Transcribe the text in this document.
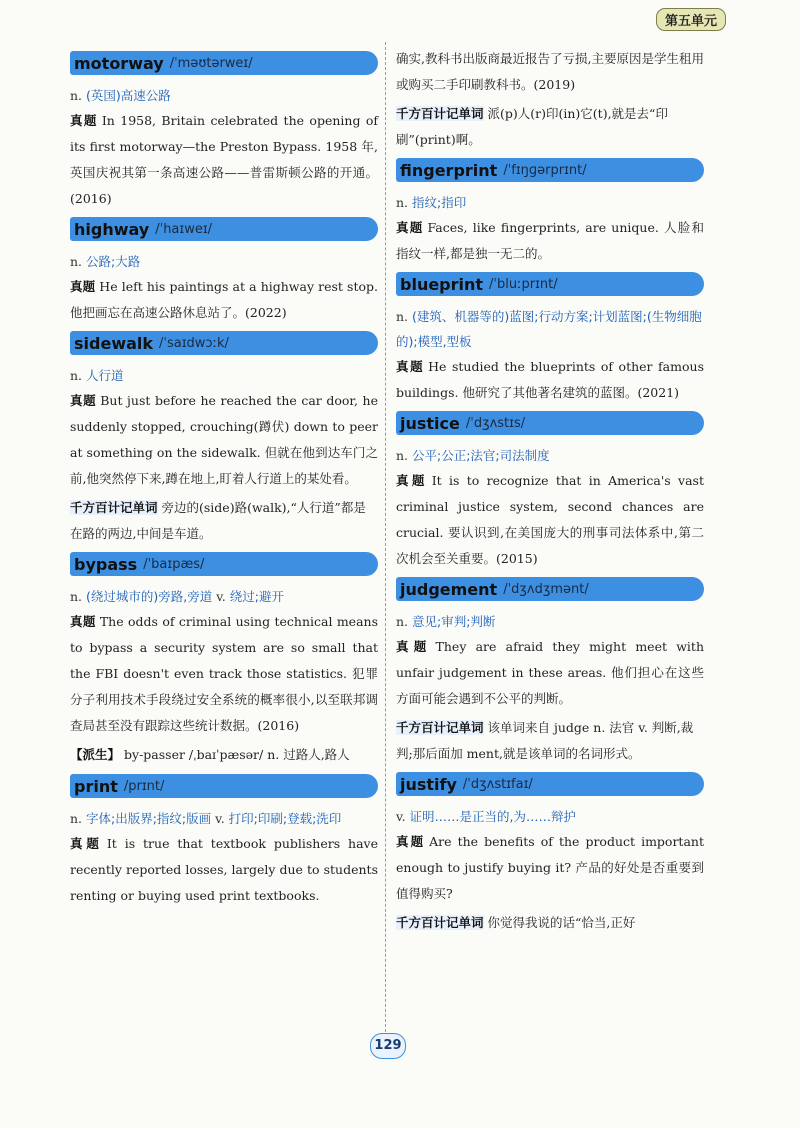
第五单元
motorway /ˈməʊtərweɪ/

n. (英国)高速公路

真题 In 1958, Britain celebrated the opening of its first motorway—the Preston Bypass. 1958 年,英国庆祝其第一条高速公路——普雷斯顿公路的开通。(2016)

highway /ˈhaɪweɪ/

n. 公路;大路

真题 He left his paintings at a highway rest stop. 他把画忘在高速公路休息站了。(2022)

sidewalk /ˈsaɪdwɔːk/

n. 人行道

真题 But just before he reached the car door, he suddenly stopped, crouching(蹲伏) down to peer at something on the sidewalk. 但就在他到达车门之前,他突然停下来,蹲在地上,盯着人行道上的某处看。

千方百计记单词 旁边的(side)路(walk),“人行道”都是在路的两边,中间是车道。

bypass /ˈbaɪpæs/

n. (绕过城市的)旁路,旁道 v. 绕过;避开

真题 The odds of criminal using technical means to bypass a security system are so small that the FBI doesn't even track those statistics. 犯罪分子利用技术手段绕过安全系统的概率很小,以至联邦调查局甚至没有跟踪这些统计数据。(2016)

【派生】 by-passer /ˌbaɪˈpæsər/ n. 过路人,路人

print /prɪnt/

n. 字体;出版界;指纹;版画 v. 打印;印刷;登载;洗印

真题 It is true that textbook publishers have recently reported losses, largely due to students renting or buying used print textbooks.

确实,教科书出版商最近报告了亏损,主要原因是学生租用或购买二手印刷教科书。(2019)

千方百计记单词 派(p)人(r)印(in)它(t),就是去“印刷”(print)啊。

fingerprint /ˈfɪŋɡərprɪnt/

n. 指纹;指印

真题 Faces, like fingerprints, are unique. 人脸和指纹一样,都是独一无二的。

blueprint /ˈbluːprɪnt/

n. (建筑、机器等的)蓝图;行动方案;计划蓝图;(生物细胞的);模型,型板

真题 He studied the blueprints of other famous buildings. 他研究了其他著名建筑的蓝图。(2021)

justice /ˈdʒʌstɪs/

n. 公平;公正;法官;司法制度

真题 It is to recognize that in America's vast criminal justice system, second chances are crucial. 要认识到,在美国庞大的刑事司法体系中,第二次机会至关重要。(2015)

judgement /ˈdʒʌdʒmənt/

n. 意见;审判;判断

真题 They are afraid they might meet with unfair judgement in these areas. 他们担心在这些方面可能会遇到不公平的判断。

千方百计记单词 该单词来自 judge n. 法官 v. 判断,裁判;那后面加 ment,就是该单词的名词形式。

justify /ˈdʒʌstɪfaɪ/

v. 证明……是正当的,为……辩护

真题 Are the benefits of the product important enough to justify buying it? 产品的好处是否重要到值得购买?

千方百计记单词 你觉得我说的话“恰当,正好

129
